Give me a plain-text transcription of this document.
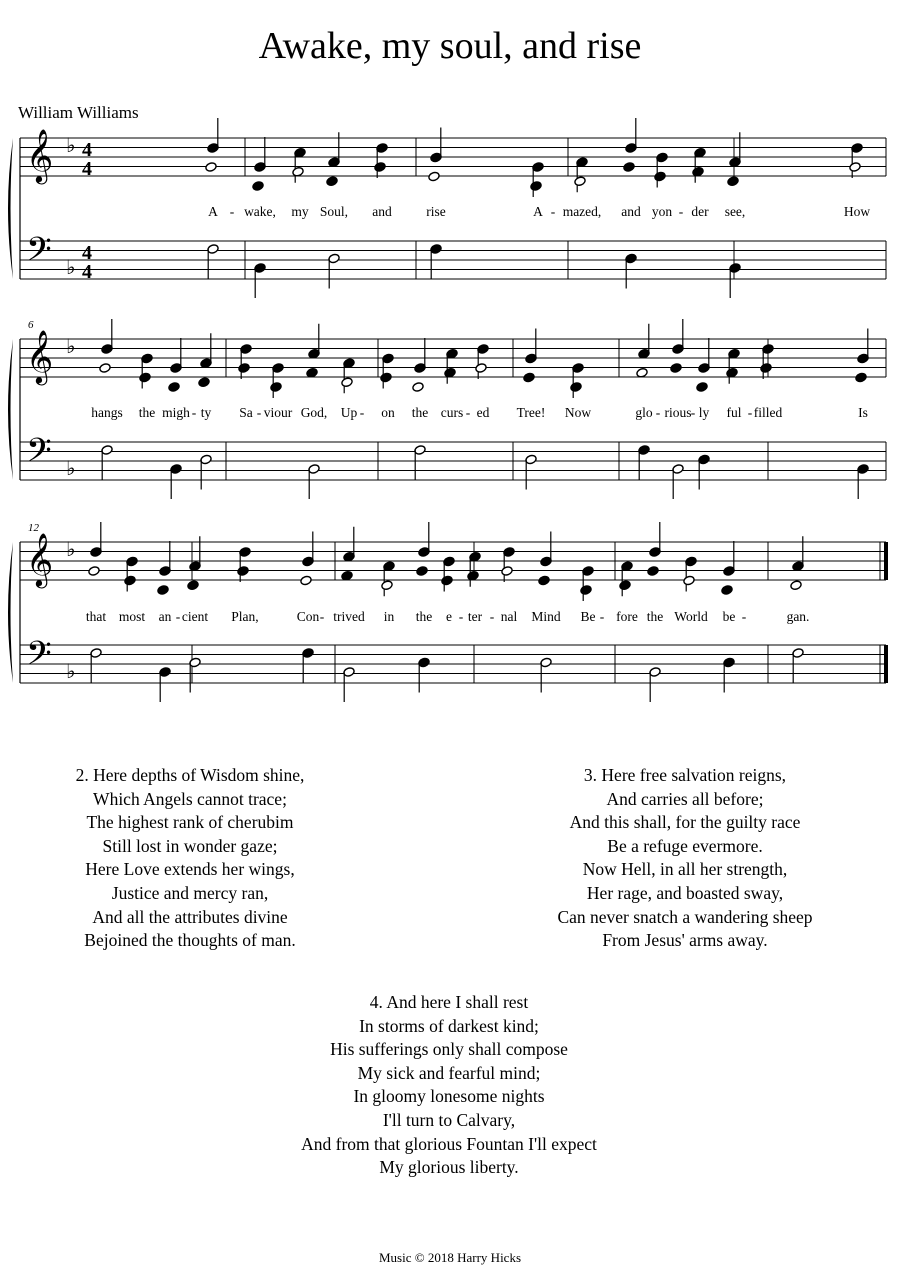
Awake, my soul, and rise
William Williams
𝄞
𝄢
♭
♭
4
4
4
4
A - wake, my Soul, and	rise	A - mazed, and yon - der see,	How
𝄞
𝄢
♭
♭
hangs the migh - ty Sa - viour God, Up - on the curs - ed Tree! Now	glo - rious - ly ful - filled	Is
𝄞
𝄢
♭
♭
that most an - cient Plan,	Con - trived in the e - ter - nal Mind Be - fore the World be -	gan.
6
12
2. Here depths of Wisdom shine,
Which Angels cannot trace;
The highest rank of cherubim
Still lost in wonder gaze;
Here Love extends her wings,
Justice and mercy ran,
And all the attributes divine
Bejoined the thoughts of man.
3. Here free salvation reigns,
And carries all before;
And this shall, for the guilty race
Be a refuge evermore.
Now Hell, in all her strength,
Her rage, and boasted sway,
Can never snatch a wandering sheep
From Jesus' arms away.
4. And here I shall rest
In storms of darkest kind;
His sufferings only shall compose
My sick and fearful mind;
In gloomy lonesome nights
I'll turn to Calvary,
And from that glorious Fountan I'll expect
My glorious liberty.
Music © 2018 Harry Hicks
